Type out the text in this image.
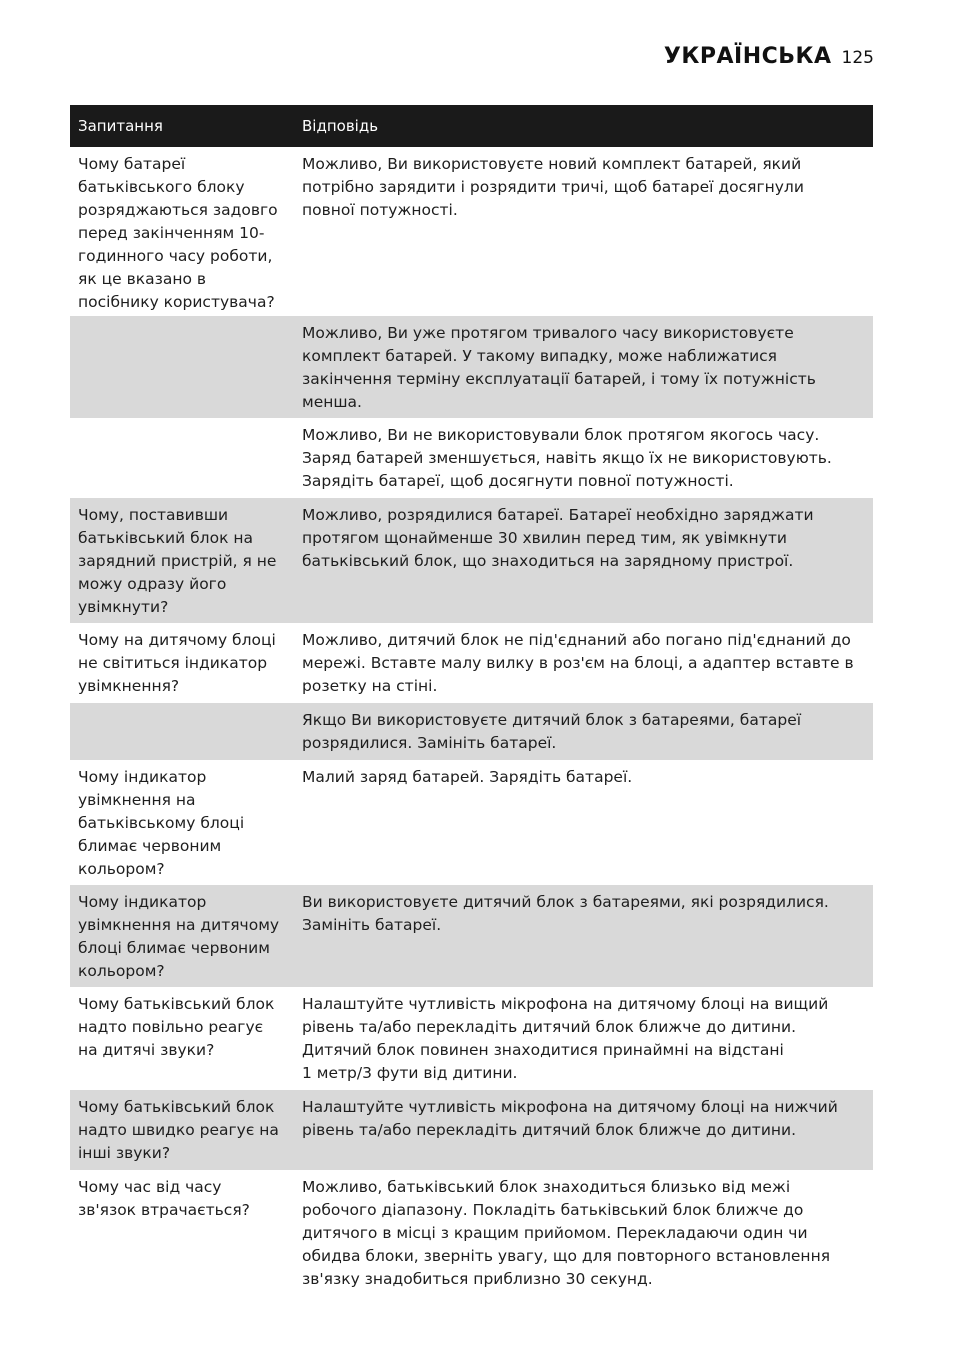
УКРАЇНСЬКА 125
Запитання	Відповідь
Чому батареї
батьківського блоку
розряджаються задовго
перед закінченням 10-
годинного часу роботи,
як це вказано в
посібнику користувача?
Можливо, Ви використовуєте новий комплект батарей, який
потрібно зарядити і розрядити тричі, щоб батареї досягнули
повної потужності.
Можливо, Ви уже протягом тривалого часу використовуєте
комплект батарей. У такому випадку, може наближатися
закінчення терміну експлуатації батарей, і тому їх потужність
менша.
Можливо, Ви не використовували блок протягом якогось часу.
Заряд батарей зменшується, навіть якщо їх не використовують.
Зарядіть батареї, щоб досягнути повної потужності.
Чому, поставивши
батьківський блок на
зарядний пристрій, я не
можу одразу його
увімкнути?
Можливо, розрядилися батареї. Батареї необхідно заряджати
протягом щонайменше 30 хвилин перед тим, як увімкнути
батьківський блок, що знаходиться на зарядному пристрої.
Чому на дитячому блоці
не світиться індикатор
увімкнення?
Можливо, дитячий блок не під'єднаний або погано під'єднаний до
мережі. Вставте малу вилку в роз'єм на блоці, а адаптер вставте в
розетку на стіні.
Якщо Ви використовуєте дитячий блок з батареями, батареї
розрядилися. Замініть батареї.
Чому індикатор
увімкнення на
батьківському блоці
блимає червоним
кольором?
Малий заряд батарей. Зарядіть батареї.
Чому індикатор
увімкнення на дитячому
блоці блимає червоним
кольором?
Ви використовуєте дитячий блок з батареями, які розрядилися.
Замініть батареї.
Чому батьківський блок
надто повільно реагує
на дитячі звуки?
Налаштуйте чутливість мікрофона на дитячому блоці на вищий
рівень та/або перекладіть дитячий блок ближче до дитини.
Дитячий блок повинен знаходитися принаймні на відстані
1 метр/3 фути від дитини.
Чому батьківський блок
надто швидко реагує на
інші звуки?
Налаштуйте чутливість мікрофона на дитячому блоці на нижчий
рівень та/або перекладіть дитячий блок ближче до дитини.
Чому час від часу
зв'язок втрачається?
Можливо, батьківський блок знаходиться близько від межі
робочого діапазону. Покладіть батьківський блок ближче до
дитячого в місці з кращим прийомом. Перекладаючи один чи
обидва блоки, зверніть увагу, що для повторного встановлення
зв'язку знадобиться приблизно 30 секунд.
